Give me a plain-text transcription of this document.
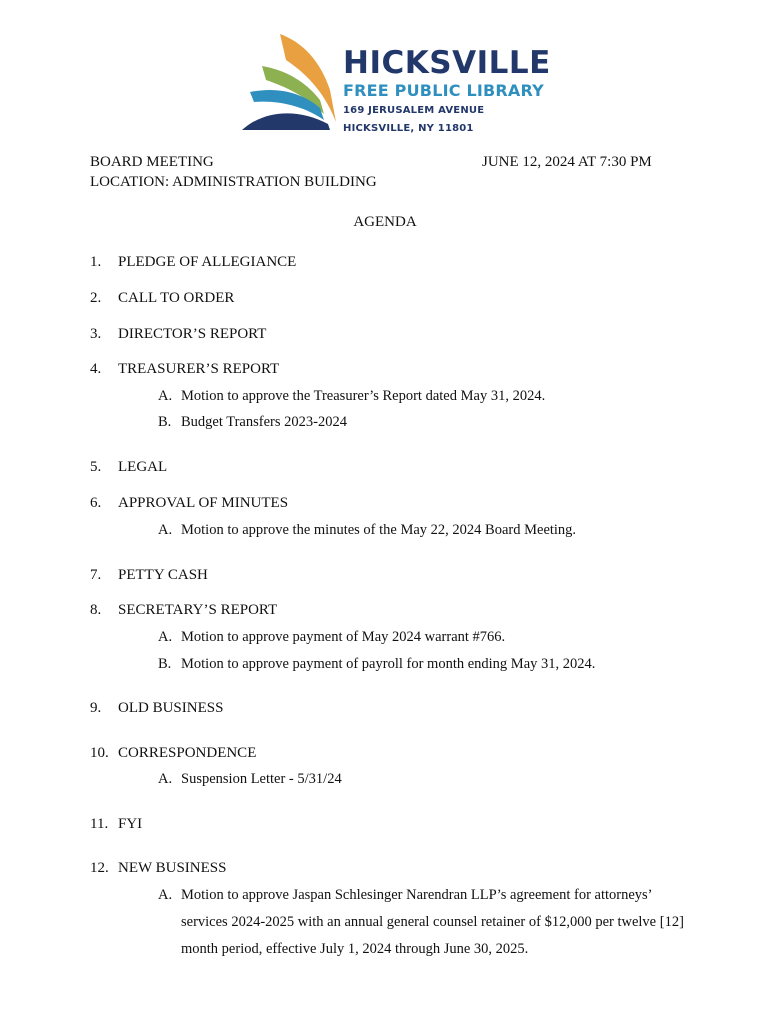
HICKSVILLE
FREE PUBLIC LIBRARY
169 JERUSALEM AVENUE
HICKSVILLE, NY 11801
BOARD MEETING	JUNE 12, 2024 AT 7:30 PM
LOCATION: ADMINISTRATION BUILDING
AGENDA
1. PLEDGE OF ALLEGIANCE
2. CALL TO ORDER
3. DIRECTOR’S REPORT
4. TREASURER’S REPORT
A. Motion to approve the Treasurer’s Report dated May 31, 2024.
B. Budget Transfers 2023-2024
5. LEGAL
6. APPROVAL OF MINUTES
A. Motion to approve the minutes of the May 22, 2024 Board Meeting.
7. PETTY CASH
8. SECRETARY’S REPORT
A. Motion to approve payment of May 2024 warrant #766.
B. Motion to approve payment of payroll for month ending May 31, 2024.
9. OLD BUSINESS
10. CORRESPONDENCE
A. Suspension Letter - 5/31/24
11. FYI
12. NEW BUSINESS
A. Motion to approve Jaspan Schlesinger Narendran LLP’s agreement for attorneys’ services 2024-2025 with an annual general counsel retainer of $12,000 per twelve [12] month period, effective July 1, 2024 through June 30, 2025.
